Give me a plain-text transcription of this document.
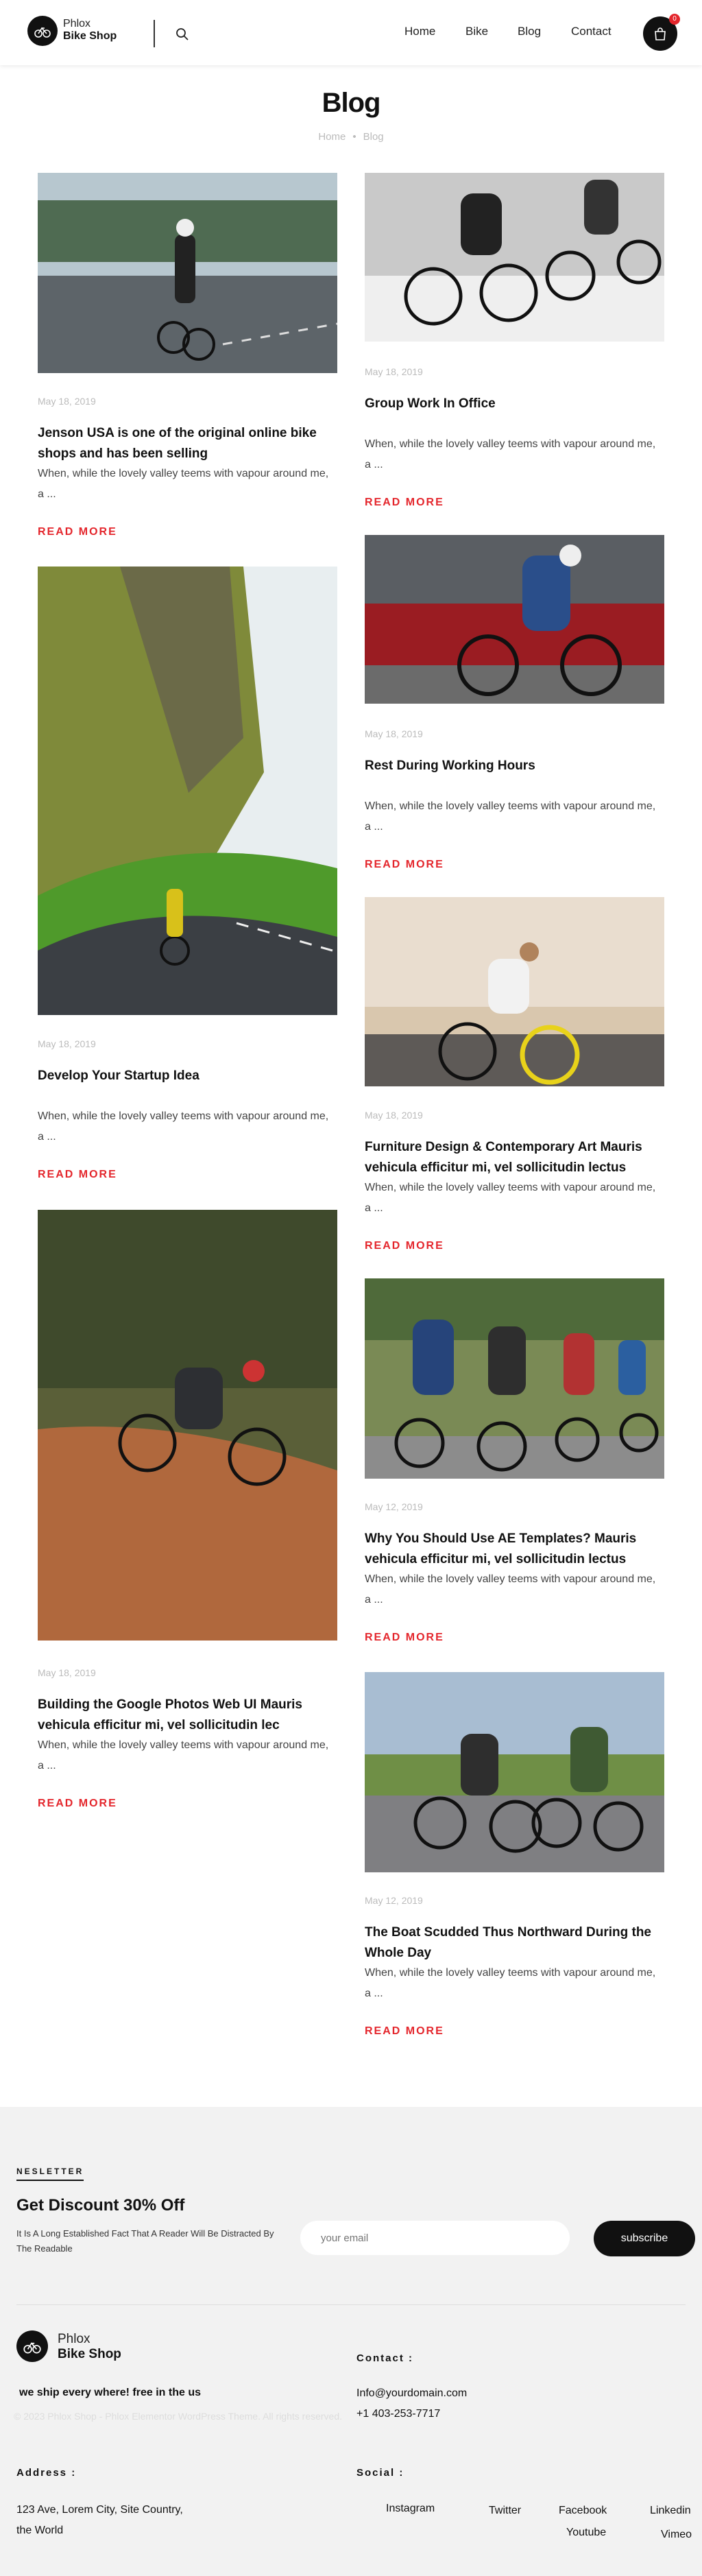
Phlox
Bike Shop	Home	Bike	Blog	Contact
0
Blog
Home • Blog
May 18, 2019
Jenson USA is one of the original online bike shops and has been selling
When, while the lovely valley teems with vapour around me, a ...
READ MORE
May 18, 2019
Group Work In Office
When, while the lovely valley teems with vapour around me, a ...
READ MORE
May 18, 2019
Rest During Working Hours
When, while the lovely valley teems with vapour around me, a ...
READ MORE
May 18, 2019
Develop Your Startup Idea
When, while the lovely valley teems with vapour around me, a ...
READ MORE
May 18, 2019
Furniture Design & Contemporary Art Mauris vehicula efficitur mi, vel sollicitudin lectus
When, while the lovely valley teems with vapour around me, a ...
READ MORE
May 18, 2019
Building the Google Photos Web UI Mauris vehicula efficitur mi, vel sollicitudin lec
When, while the lovely valley teems with vapour around me, a ...
READ MORE
May 12, 2019
Why You Should Use AE Templates? Mauris vehicula efficitur mi, vel sollicitudin lectus
When, while the lovely valley teems with vapour around me, a ...
READ MORE
May 12, 2019
The Boat Scudded Thus Northward During the Whole Day
When, while the lovely valley teems with vapour around me, a ...
READ MORE
NESLETTER
Get Discount 30% Off
It Is A Long Established Fact That A Reader Will Be Distracted By The Readable
your email
subscribe
Phlox
Bike Shop
we ship every where! free in the us
© 2023 Phlox Shop - Phlox Elementor WordPress Theme. All rights reserved.
Contact :
Info@yourdomain.com
+1 403-253-7717
Address :
123 Ave, Lorem City, Site Country,
the World
Social :
Instagram	Twitter	Facebook	Linkedin
Youtube	Vimeo
